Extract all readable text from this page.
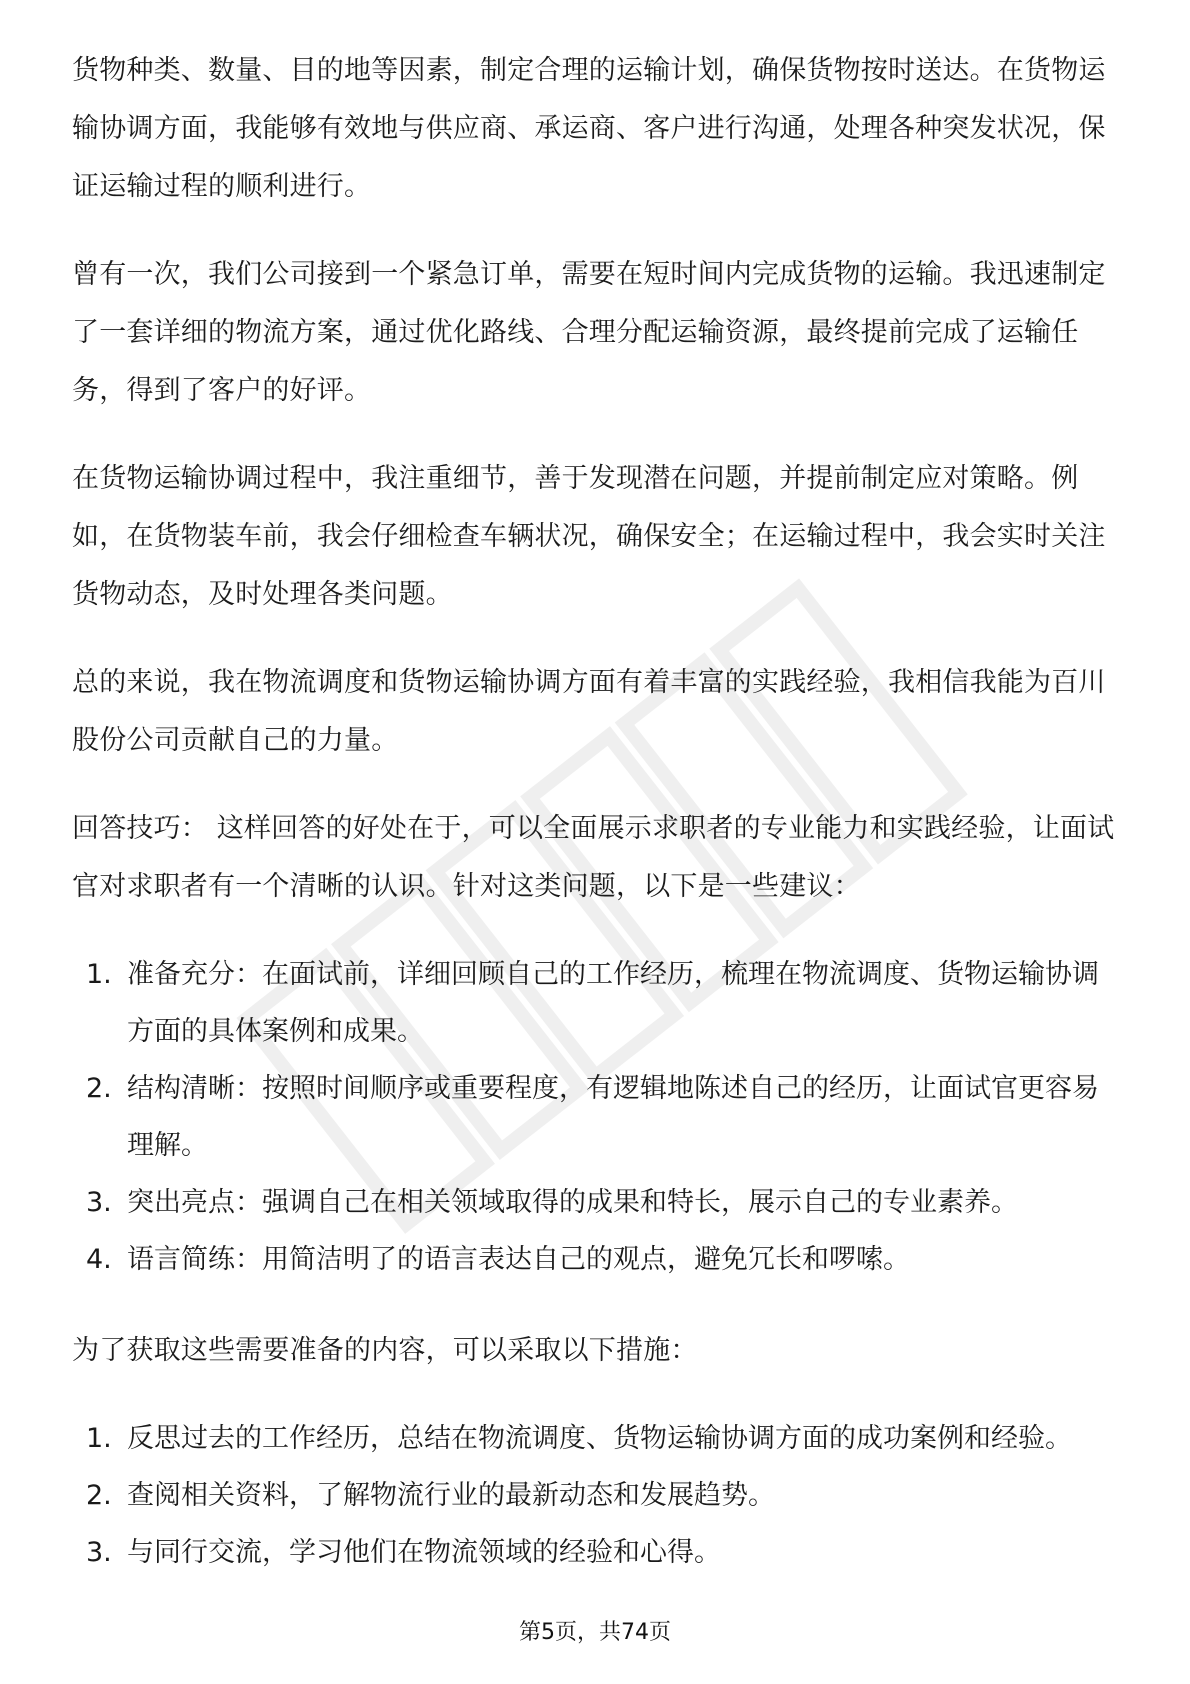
货物种类、数量、目的地等因素，制定合理的运输计划，确保货物按时送达。在货物运输协调方面，我能够有效地与供应商、承运商、客户进行沟通，处理各种突发状况，保证运输过程的顺利进行。

曾有一次，我们公司接到一个紧急订单，需要在短时间内完成货物的运输。我迅速制定了一套详细的物流方案，通过优化路线、合理分配运输资源，最终提前完成了运输任务，得到了客户的好评。

在货物运输协调过程中，我注重细节，善于发现潜在问题，并提前制定应对策略。例如，在货物装车前，我会仔细检查车辆状况，确保安全；在运输过程中，我会实时关注货物动态，及时处理各类问题。

总的来说，我在物流调度和货物运输协调方面有着丰富的实践经验，我相信我能为百川股份公司贡献自己的力量。

回答技巧： 这样回答的好处在于，可以全面展示求职者的专业能力和实践经验，让面试官对求职者有一个清晰的认识。针对这类问题，以下是一些建议：

1. 准备充分：在面试前，详细回顾自己的工作经历，梳理在物流调度、货物运输协调方面的具体案例和成果。
2. 结构清晰：按照时间顺序或重要程度，有逻辑地陈述自己的经历，让面试官更容易理解。
3. 突出亮点：强调自己在相关领域取得的成果和特长，展示自己的专业素养。
4. 语言简练：用简洁明了的语言表达自己的观点，避免冗长和啰嗦。

为了获取这些需要准备的内容，可以采取以下措施：

1. 反思过去的工作经历，总结在物流调度、货物运输协调方面的成功案例和经验。
2. 查阅相关资料，了解物流行业的最新动态和发展趋势。
3. 与同行交流，学习他们在物流领域的经验和心得。
第5页，共74页
